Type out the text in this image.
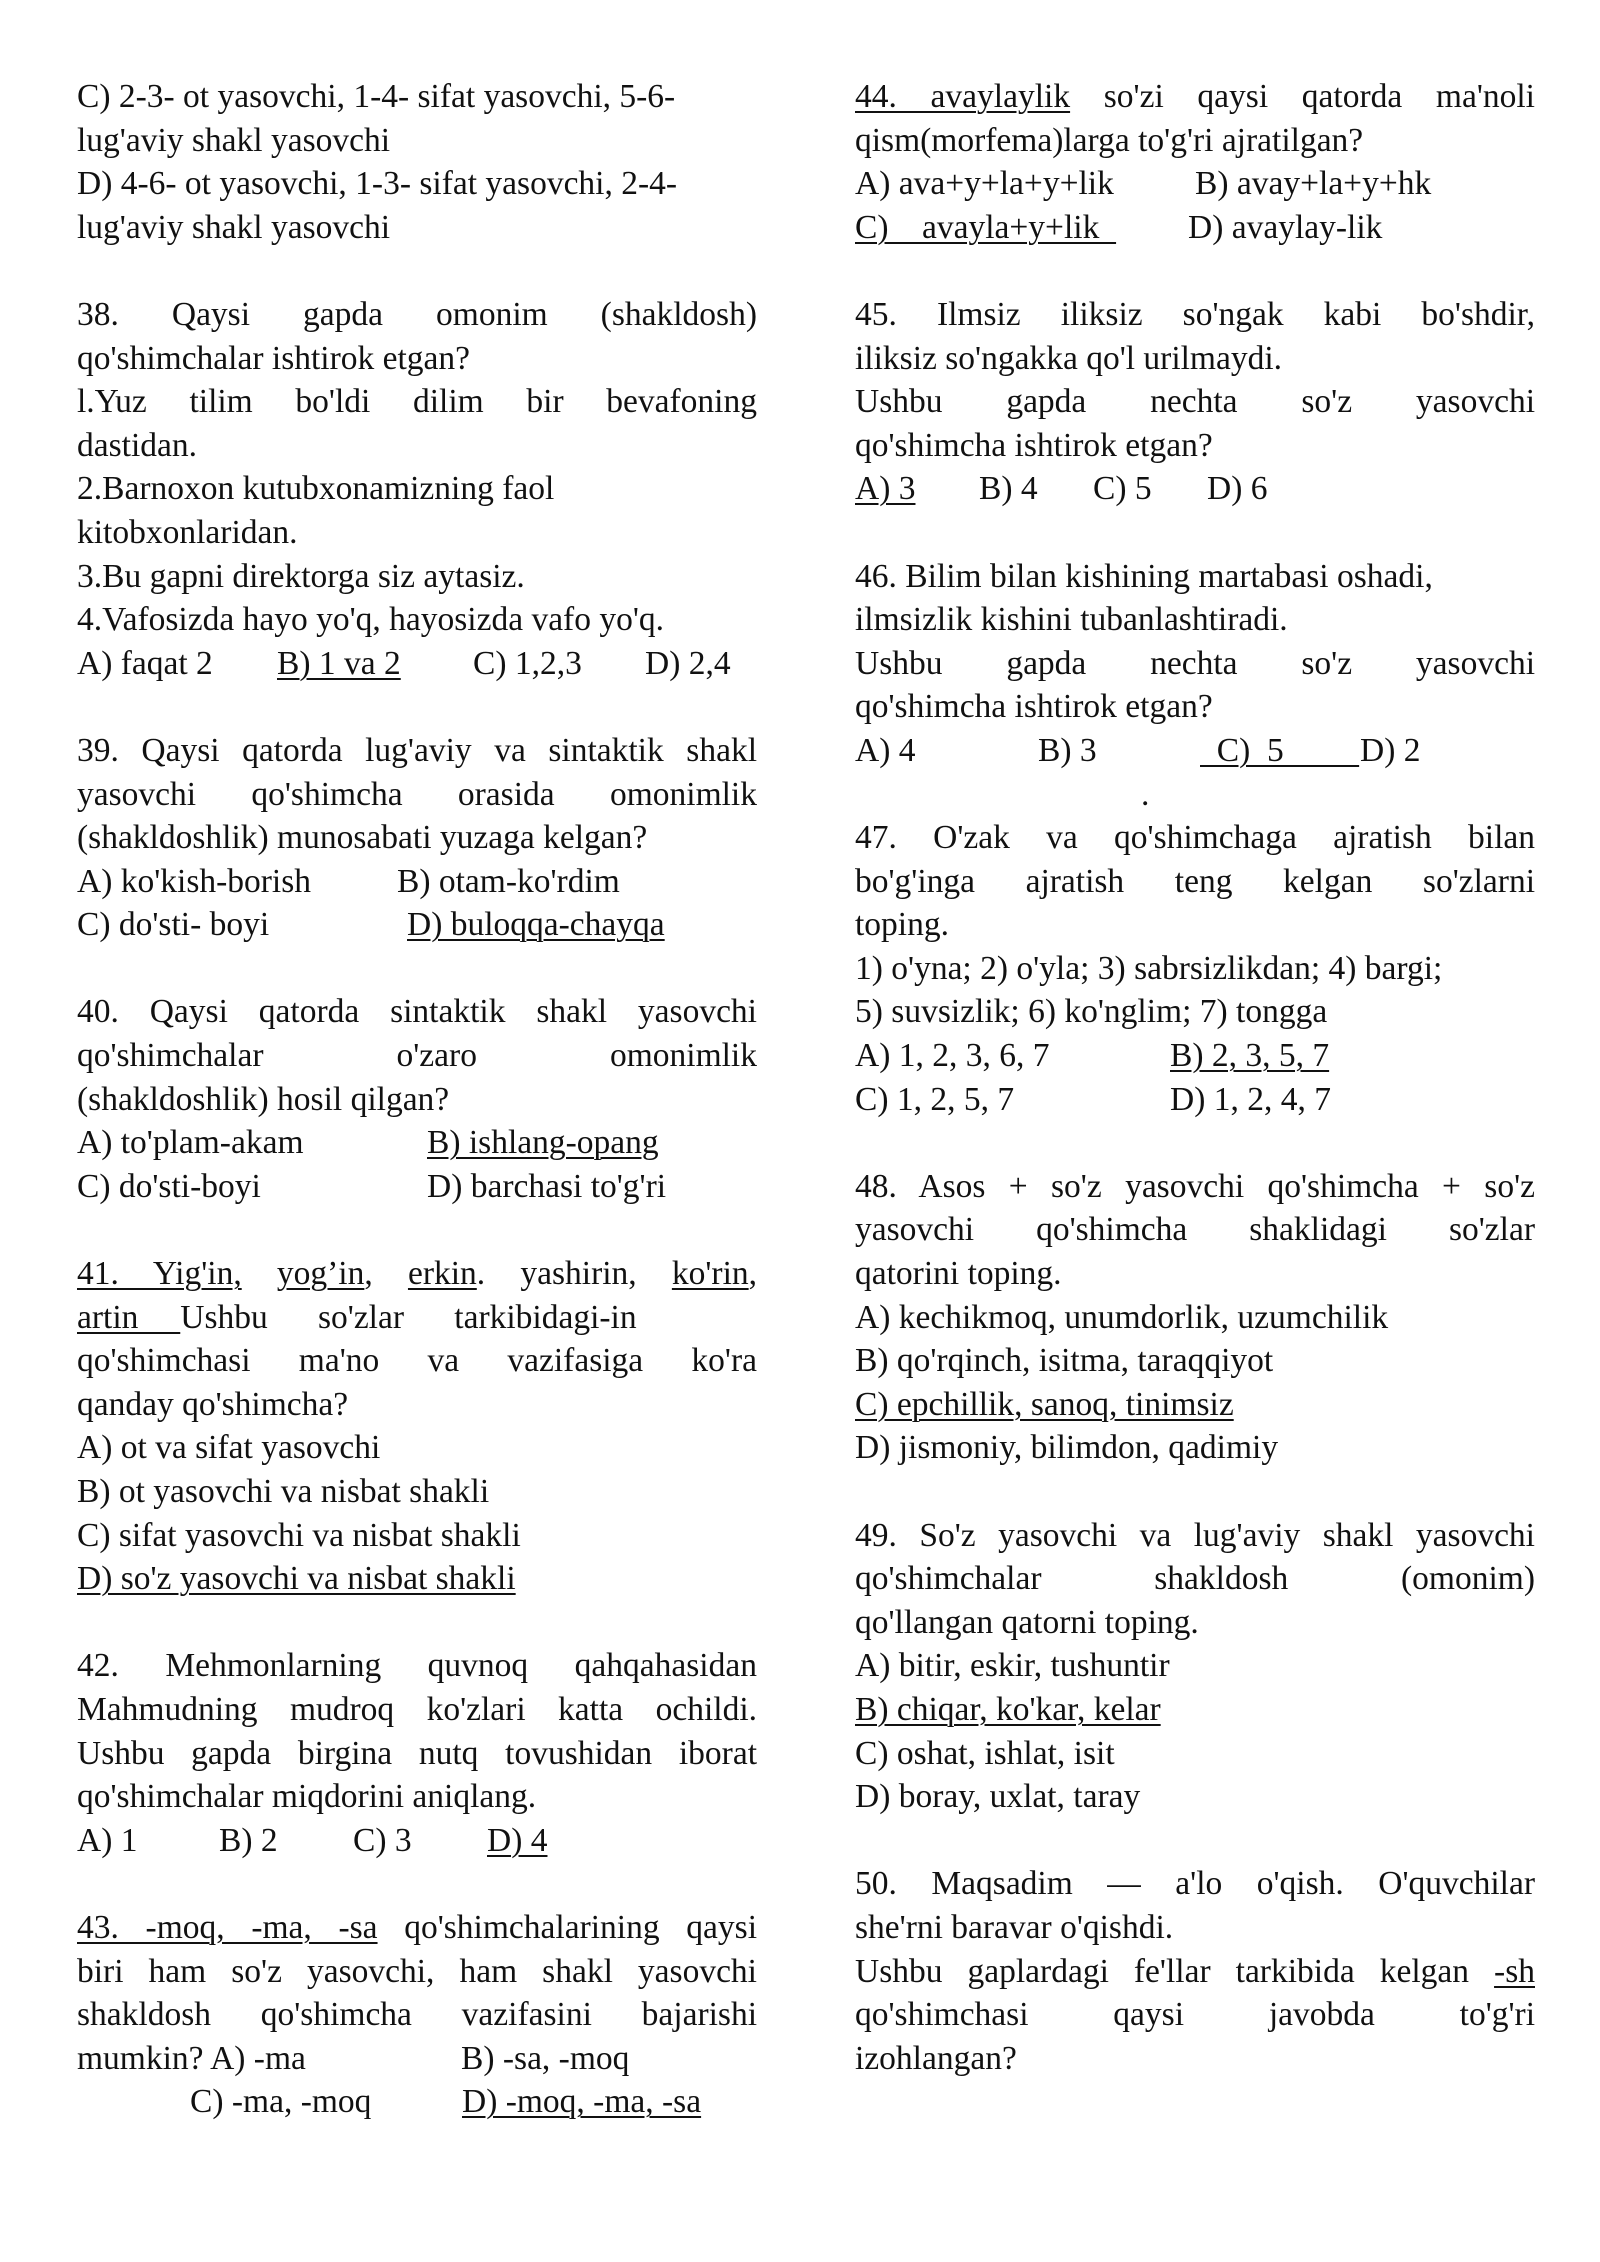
C) 2-3- ot yasovchi, 1-4- sifat yasovchi, 5-6-

lug'aviy shakl yasovchi

D) 4-6- ot yasovchi, 1-3- sifat yasovchi, 2-4-

lug'aviy shakl yasovchi

38. Qaysi gapda omonim (shakldosh)

qo'shimchalar ishtirok etgan?

l.Yuz tilim bo'ldi dilim bir bevafoning

dastidan.

2.Barnoxon kutubxonamizning faol

kitobxonlaridan.

3.Bu gapni direktorga siz aytasiz.

4.Vafosizda hayo yo'q, hayosizda vafo yo'q.

A) faqat 2 B) 1 va 2 C) 1,2,3 D) 2,4

39. Qaysi qatorda lug'aviy va sintaktik shakl

yasovchi qo'shimcha orasida omonimlik

(shakldoshlik) munosabati yuzaga kelgan?

A) ko'kish-borish	B) otam-ko'rdim
C) do'sti- boyi	D) buloqqa-chayqa

40. Qaysi qatorda sintaktik shakl yasovchi

qo'shimchalar o'zaro omonimlik

(shakldoshlik) hosil qilgan?

A) to'plam-akam	B) ishlang-opang
C) do'sti-boyi	D) barchasi to'g'ri

41. Yig'in, yog’in, erkin. yashirin, ko'rin,

artin     Ushbu      so'zlar      tarkibidagi-in

qo'shimchasi ma'no va vazifasiga ko'ra

qanday qo'shimcha?

A) ot va sifat yasovchi

B) ot yasovchi va nisbat shakli

C) sifat yasovchi va nisbat shakli

D) so'z yasovchi va nisbat shakli

42. Mehmonlarning quvnoq qahqahasidan

Mahmudning mudroq ko'zlari katta ochildi.

Ushbu gapda birgina nutq tovushidan iborat

qo'shimchalar miqdorini aniqlang.

A) 1 B) 2 C) 3 D) 4

43. -moq, -ma, -sa qo'shimchalarining qaysi

biri ham so'z yasovchi, ham shakl yasovchi

shakldosh qo'shimcha vazifasini bajarishi

mumkin? A) -ma	B) -sa, -moq
C) -ma, -moq	D) -moq, -ma, -sa

44. avaylaylik so'zi qaysi qatorda ma'noli

qism(morfema)larga to'g'ri ajratilgan?

A) ava+y+la+y+lik B) avay+la+y+hk
C)    avayla+y+lik D) avaylay-lik

45. Ilmsiz iliksiz so'ngak kabi bo'shdir,

iliksiz so'ngakka qo'l urilmaydi.

Ushbu gapda nechta so'z yasovchi

qo'shimcha ishtirok etgan?

A) 3 B) 4 C) 5 D) 6

46. Bilim bilan kishining martabasi oshadi,

ilmsizlik kishini tubanlashtiradi.

Ushbu gapda nechta so'z yasovchi

qo'shimcha ishtirok etgan?

A) 4	B) 3	C)  5 D) 2
.

47. O'zak va qo'shimchaga ajratish bilan

bo'g'inga ajratish teng kelgan so'zlarni

toping.

1) o'yna; 2) o'yla; 3) sabrsizlikdan; 4) bargi;

5) suvsizlik; 6) ko'nglim; 7) tongga

A) 1, 2, 3, 6, 7	B) 2, 3, 5, 7
C) 1, 2, 5, 7	D) 1, 2, 4, 7

48. Asos + so'z yasovchi qo'shimcha + so'z

yasovchi qo'shimcha shaklidagi so'zlar

qatorini toping.

A) kechikmoq, unumdorlik, uzumchilik

B) qo'rqinch, isitma, taraqqiyot

C) epchillik, sanoq, tinimsiz

D) jismoniy, bilimdon, qadimiy

49. So'z yasovchi va lug'aviy shakl yasovchi

qo'shimchalar shakldosh (omonim)

qo'llangan qatorni toping.

A) bitir, eskir, tushuntir

B) chiqar, ko'kar, kelar

C) oshat, ishlat, isit

D) boray, uxlat, taray

50. Maqsadim — a'lo o'qish. O'quvchilar

she'rni baravar o'qishdi.

Ushbu gaplardagi fe'llar tarkibida kelgan -sh

qo'shimchasi qaysi javobda to'g'ri

izohlangan?
